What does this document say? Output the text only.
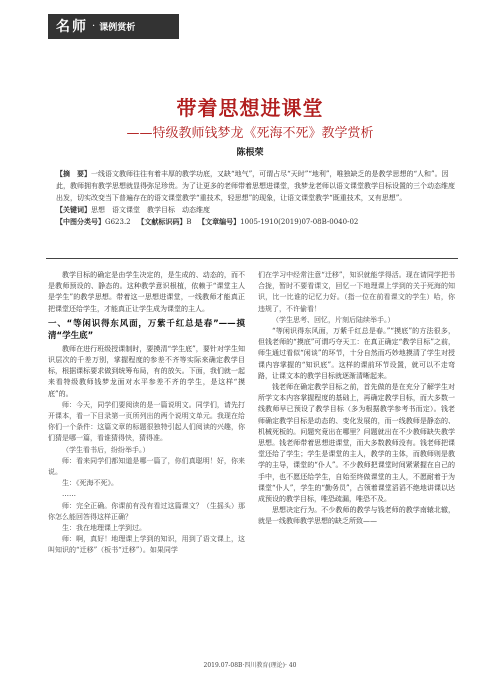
名师 · 课例赏析
带着思想进课堂
——特级教师钱梦龙《死海不死》教学赏析
陈根荣

【摘　要】一线语文教师往往有着丰厚的教学功底，又缺“地气”，可谓占尽“天时”“地利”，唯独缺乏的是教学思想的“人和”。因此，教师拥有教学思想就显得弥足珍贵。为了让更多的老师带着思想进课堂，我梦龙老师以语文课堂教学目标设置的三个动态维度出发，切实改变当下普遍存在的语文课堂教学“重技术，轻思想”的现象，让语文课堂教学“既重技术，又有思想”。

【关键词】思想　语文课堂　教学目标　动态维度

【中图分类号】G623.2 【文献标识码】B 【文章编号】1005-1910(2019)07-08B-0040-02

教学目标的确定是由学生决定的，是生成的、动态的，而不是教师预设的、静态的。这种教学意识根植，依赖于“课堂主人是学生”的教学思想。带着这一思想进课堂，一线教师才能真正把课堂还给学生，才能真正让学生成为课堂的主人。

一、“等闲识得东风面，万紫千红总是春”——摸清“学生底”

教师在进行班级授课制时，要摸清“学生底”，要针对学生知识层次的千差万别，掌握程度的参差不齐等实际来确定教学目标，根据课标要求做到统筹布局，有的放矢。下面，我们就一起来看特级教师钱梦龙面对水平参差不齐的学生，是这样“摸底”的。

师：今天，同学们要阅读的是一篇说明文。同学们，请先打开课本，看一下目录第一页所列出的两个说明文单元。我现在给你们一个条件：这篇文章的标题很独特引起人们阅读的兴趣，你们猜是哪一篇，看谁猜得快，猜得准。

（学生看书后，纷纷举手。）

师：看来同学们都知道是哪一篇了，你们真聪明！好，你来说。

生：《死海不死》。

……

师：完全正确。你课前有没有看过这篇课文？（生摇头）那你怎么能回答得这样正确？

生：我在地理课上学到过。

师：啊，真好！地理课上学到的知识，用到了语文课上，这叫知识的“迁移”（板书“迁移”）。如果同学

们在学习中经常注意“迁移”，知识就能学得活。现在请同学把书合拢，暂时不要看课文，回忆一下地理课上学到的关于死海的知识，比一比谁的记忆力好。（指一位在前看课文的学生）哈，你违规了，不许偷看！

（学生思考、回忆，片刻后陆续举手。）

“等闲识得东风面，万紫千红总是春。”“摸底”的方法很多，但钱老师的“摸底”可谓巧夺天工：在真正确定“教学目标”之前，师生通过看似“闲谈”的环节，十分自然而巧妙地摸清了学生对授课内容掌握的“知识底”。这样的课前环节设置，就可以不走弯路，让课文本的教学目标就逐渐清晰起来。

钱老师在确定教学目标之前，首先做的是在充分了解学生对所学文本内容掌握程度的基础上，再确定教学目标，而大多数一线教师早已预设了教学目标（多为根据教学参考书而定）。钱老师确定教学目标是动态的、变化发展的，而一线教师是静态的、机械死板的。问题究竟出在哪里？问题就出在不少教师缺失教学思想。钱老师带着思想进课堂，而大多数教师没有。钱老师把课堂还给了学生；学生是课堂的主人，教学的主体，而教师则是教学的主导，课堂的“仆人”。不少教师把课堂时间紧紧握在自己的手中，也不愿还给学生，自始至终做课堂的主人，不愿耐着于为课堂“仆人”，学生的“勤务员”，占领着课堂滔滔不绝地讲课以达成预设的教学目标，唯恐疏漏，唯恐不及。

思想决定行为。不少教师的教学与钱老师的教学南辕北辙，就是一线教师教学思想的缺乏所致——

2019.07-08B·四川教育(理论)· 40
